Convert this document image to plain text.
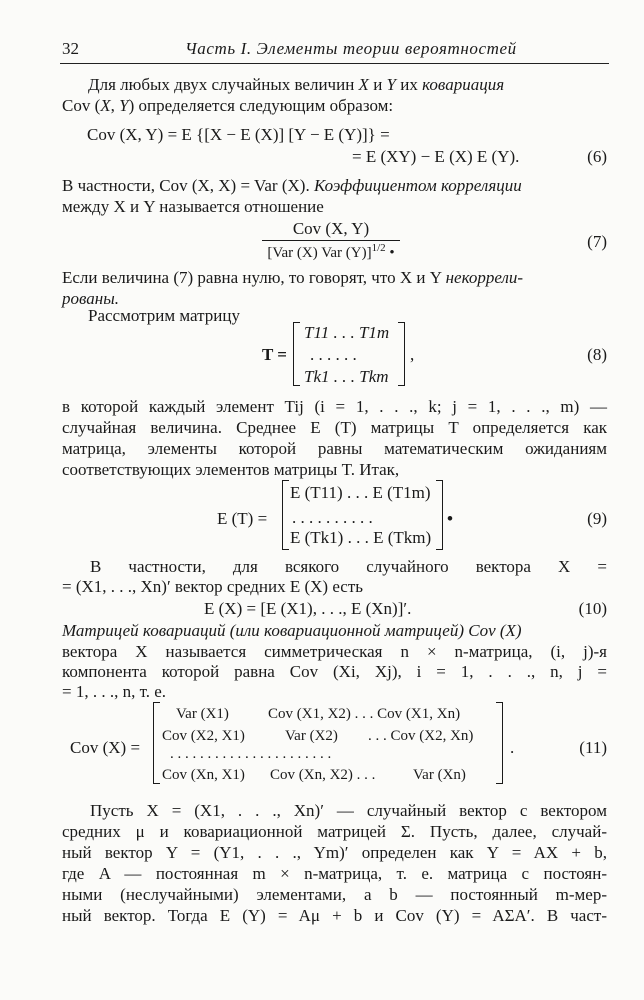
32	Часть I. Элементы теории вероятностей
Для любых двух случайных величин X и Y их ковариация
Cov (X, Y) определяется следующим образом:
Cov (X, Y) = E {[X − E (X)] [Y − E (Y)]} =
= E (XY) − E (X) E (Y).	(6)
В частности, Cov (X, X) = Var (X). Коэффициентом корреляции
между X и Y называется отношение
Cov (X, Y)
[Var (X) Var (Y)]$^{1/2}$ •
(7)
Если величина (7) равна нулю, то говорят, что X и Y некоррели-
рованы.
Рассмотрим матрицу
T =
T11 . . . T1m
. . . . . .
Tk1 . . . Tkm
,	(8)
в которой каждый элемент Tij (i = 1, . . ., k; j = 1, . . ., m) —
случайная величина. Среднее E (T) матрицы T определяется как
матрица, элементы которой равны математическим ожиданиям
соответствующих элементов матрицы T. Итак,
E (T) =
E (T11) . . . E (T1m)
. . . . . . . . . .
E (Tk1) . . . E (Tkm)
•	(9)
В частности, для всякого случайного вектора X =
= (X1, . . ., Xn)′ вектор средних E (X) есть
E (X) = [E (X1), . . ., E (Xn)]′.	(10)
Матрицей ковариаций (или ковариационной матрицей) Cov (X)
вектора X называется симметрическая n × n-матрица, (i, j)-я
компонента которой равна Cov (Xi, Xj), i = 1, . . ., n, j =
= 1, . . ., n, т. е.
Cov (X) =
Var (X1)	Cov (X1, X2) . . . Cov (X1, Xn)
Cov (X2, X1)	Var (X2) . . . Cov (X2, Xn)
. . . . . . . . . . . . . . . . . . . . . .
Cov (Xn, X1) Cov (Xn, X2) . . .	Var (Xn)
.	(11)
Пусть X = (X1, . . ., Xn)′ — случайный вектор с вектором
средних μ и ковариационной матрицей Σ. Пусть, далее, случай-
ный вектор Y = (Y1, . . ., Ym)′ определен как Y = AX + b,
где A — постоянная m × n-матрица, т. е. матрица с постоян-
ными (неслучайными) элементами, а b — постоянный m-мер-
ный вектор. Тогда E (Y) = Aμ + b и Cov (Y) = AΣA′. В част-
